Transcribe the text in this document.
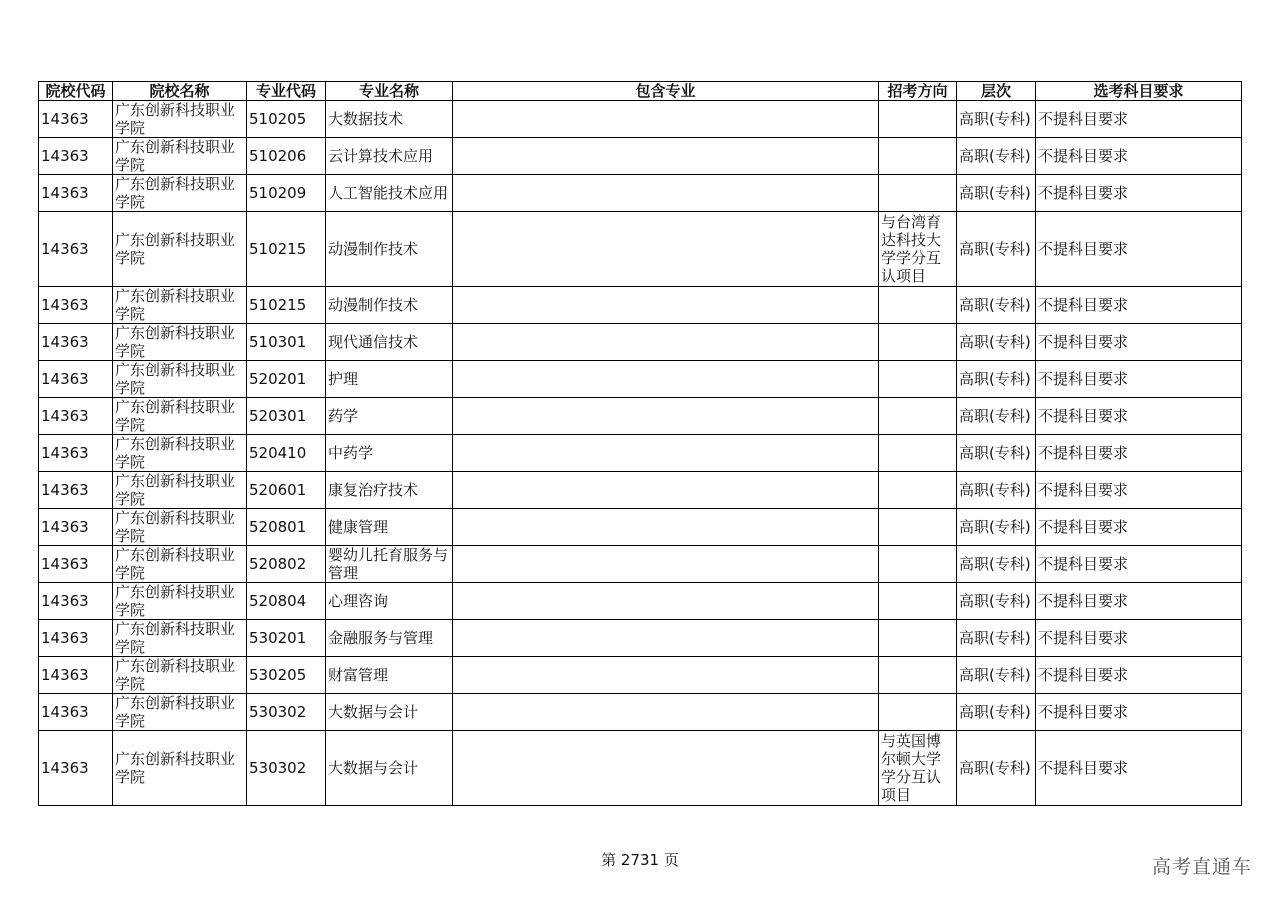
院校代码	院校名称	专业代码	专业名称	包含专业	招考方向	层次	选考科目要求
14363	广东创新科技职业学院	510205	大数据技术			高职(专科)	不提科目要求
14363	广东创新科技职业学院	510206	云计算技术应用			高职(专科)	不提科目要求
14363	广东创新科技职业学院	510209	人工智能技术应用			高职(专科)	不提科目要求
14363	广东创新科技职业学院	510215	动漫制作技术		与台湾育达科技大学学分互认项目	高职(专科)	不提科目要求
14363	广东创新科技职业学院	510215	动漫制作技术			高职(专科)	不提科目要求
14363	广东创新科技职业学院	510301	现代通信技术			高职(专科)	不提科目要求
14363	广东创新科技职业学院	520201	护理			高职(专科)	不提科目要求
14363	广东创新科技职业学院	520301	药学			高职(专科)	不提科目要求
14363	广东创新科技职业学院	520410	中药学			高职(专科)	不提科目要求
14363	广东创新科技职业学院	520601	康复治疗技术			高职(专科)	不提科目要求
14363	广东创新科技职业学院	520801	健康管理			高职(专科)	不提科目要求
14363	广东创新科技职业学院	520802	婴幼儿托育服务与管理			高职(专科)	不提科目要求
14363	广东创新科技职业学院	520804	心理咨询			高职(专科)	不提科目要求
14363	广东创新科技职业学院	530201	金融服务与管理			高职(专科)	不提科目要求
14363	广东创新科技职业学院	530205	财富管理			高职(专科)	不提科目要求
14363	广东创新科技职业学院	530302	大数据与会计			高职(专科)	不提科目要求
14363	广东创新科技职业学院	530302	大数据与会计		与英国博尔顿大学学分互认项目	高职(专科)	不提科目要求
第 2731 页	高考直通车
